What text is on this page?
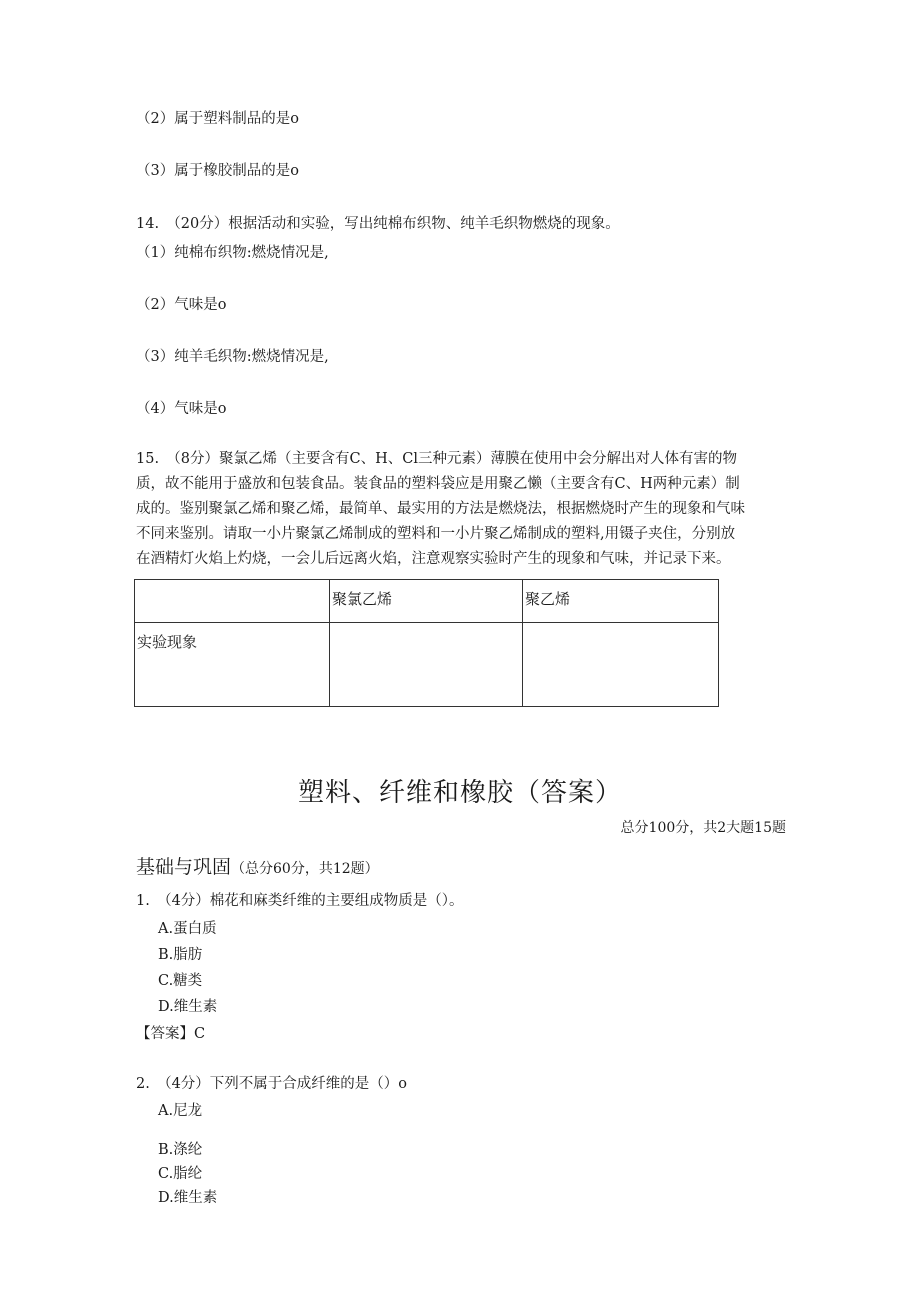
（2）属于塑料制品的是o
（3）属于橡胶制品的是o
14.　（20分）根据活动和实验，写出纯棉布织物、纯羊毛织物燃烧的现象。
（1）纯棉布织物:燃烧情况是,
（2）气味是o
（3）纯羊毛织物:燃烧情况是,
（4）气味是o
15.　（8分）聚氯乙烯（主要含有C、H、Cl三种元素）薄膜在使用中会分解出对人体有害的物
质，故不能用于盛放和包装食品。装食品的塑料袋应是用聚乙懒（主要含有C、H两种元素）制
成的。鉴别聚氯乙烯和聚乙烯，最简单、最实用的方法是燃烧法，根据燃烧时产生的现象和气味
不同来鉴别。请取一小片聚氯乙烯制成的塑料和一小片聚乙烯制成的塑料,用镊子夹住，分别放
在酒精灯火焰上灼烧，一会儿后远离火焰，注意观察实验时产生的现象和气味，并记录下来。
	聚氯乙烯	聚乙烯
实验现象		
塑料、纤维和橡胶（答案）
总分100分，共2大题15题
基础与巩固（总分60分，共12题）
1.　（4分）棉花和麻类纤维的主要组成物质是（）。
A.蛋白质
B.脂肪
C.糖类
D.维生素
【答案】C
2.　（4分）下列不属于合成纤维的是（）o
A.尼龙
B.涤纶
C.脂纶
D.维生素
